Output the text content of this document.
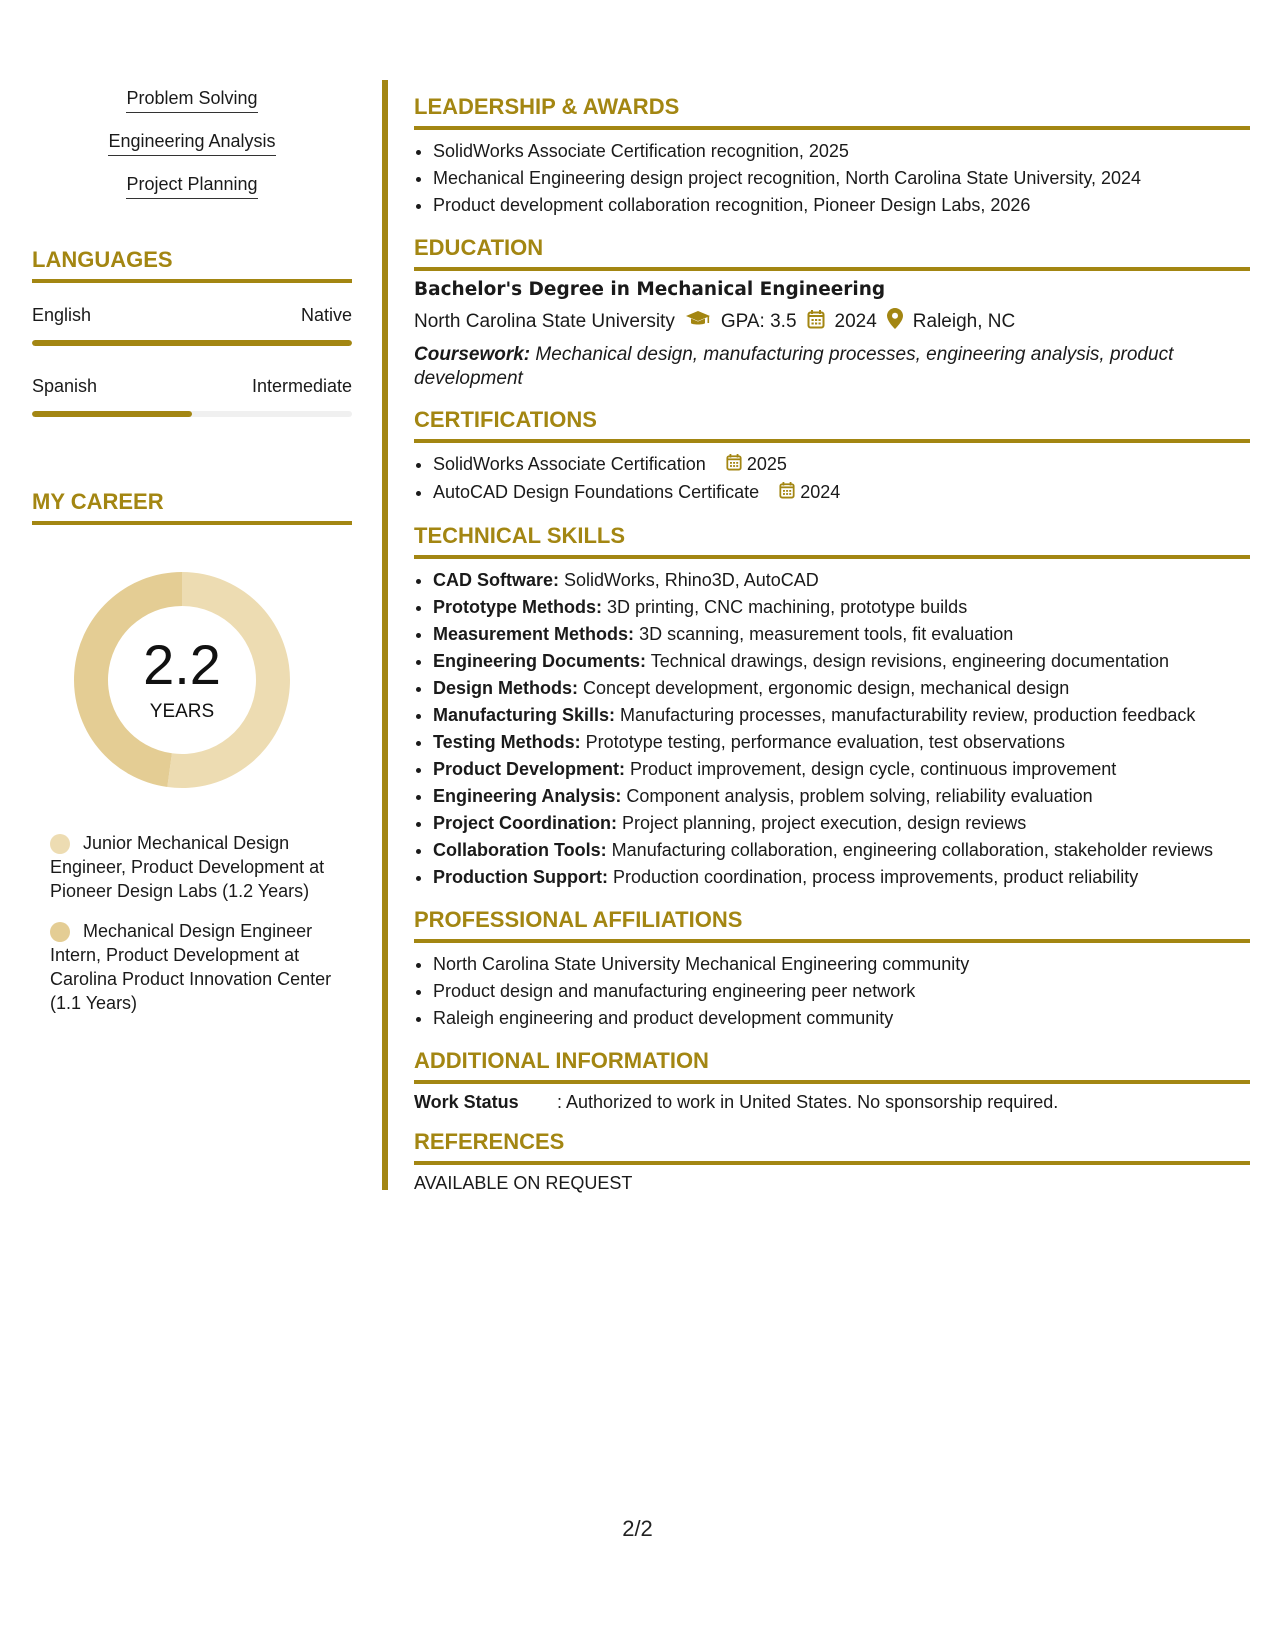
Problem Solving
Engineering Analysis
Project Planning
LANGUAGES
English	Native
Spanish	Intermediate
MY CAREER
2.2
YEARS
Junior Mechanical Design Engineer, Product Development at Pioneer Design Labs (1.2 Years)
Mechanical Design Engineer Intern, Product Development at Carolina Product Innovation Center (1.1 Years)
LEADERSHIP & AWARDS
• SolidWorks Associate Certification recognition, 2025
• Mechanical Engineering design project recognition, North Carolina State University, 2024
• Product development collaboration recognition, Pioneer Design Labs, 2026
EDUCATION
Bachelor's Degree in Mechanical Engineering
North Carolina State University GPA: 3.5 2024 Raleigh, NC
Coursework: Mechanical design, manufacturing processes, engineering analysis, product development
CERTIFICATIONS
• SolidWorks Associate Certification 2025
• AutoCAD Design Foundations Certificate 2024
TECHNICAL SKILLS
• CAD Software: SolidWorks, Rhino3D, AutoCAD
• Prototype Methods: 3D printing, CNC machining, prototype builds
• Measurement Methods: 3D scanning, measurement tools, fit evaluation
• Engineering Documents: Technical drawings, design revisions, engineering documentation
• Design Methods: Concept development, ergonomic design, mechanical design
• Manufacturing Skills: Manufacturing processes, manufacturability review, production feedback
• Testing Methods: Prototype testing, performance evaluation, test observations
• Product Development: Product improvement, design cycle, continuous improvement
• Engineering Analysis: Component analysis, problem solving, reliability evaluation
• Project Coordination: Project planning, project execution, design reviews
• Collaboration Tools: Manufacturing collaboration, engineering collaboration, stakeholder reviews
• Production Support: Production coordination, process improvements, product reliability
PROFESSIONAL AFFILIATIONS
• North Carolina State University Mechanical Engineering community
• Product design and manufacturing engineering peer network
• Raleigh engineering and product development community
ADDITIONAL INFORMATION
Work Status	: Authorized to work in United States. No sponsorship required.
REFERENCES
AVAILABLE ON REQUEST
2/2
